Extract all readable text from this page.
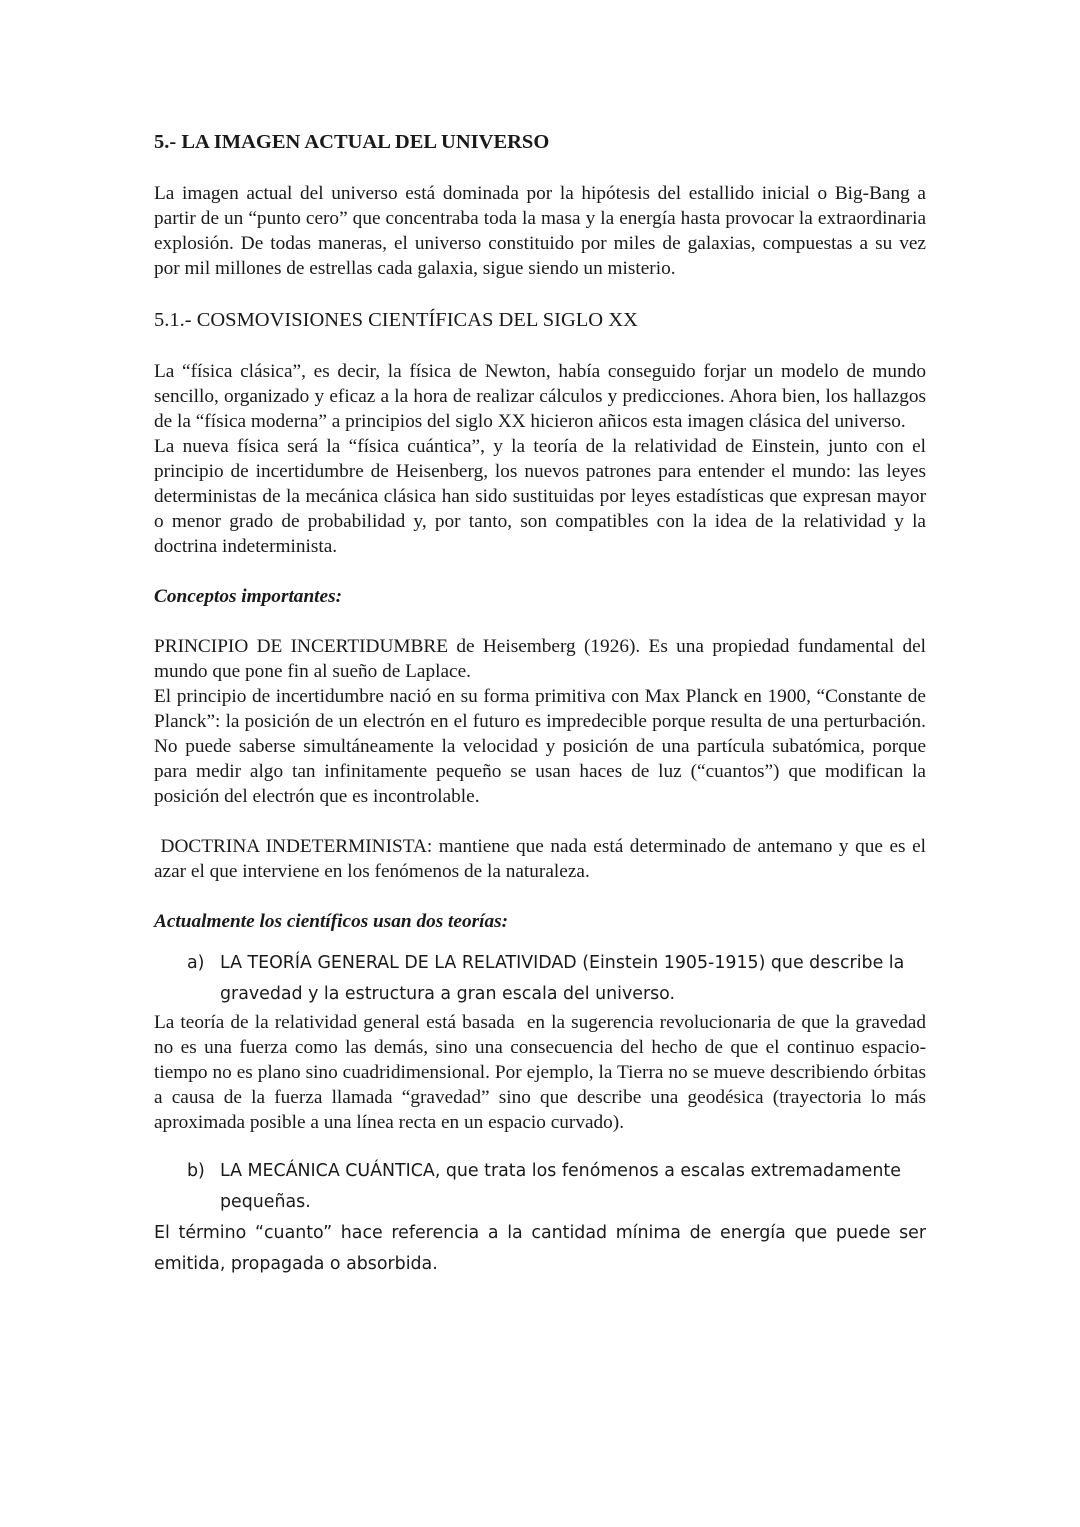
5.- LA IMAGEN ACTUAL DEL UNIVERSO

La imagen actual del universo está dominada por la hipótesis del estallido inicial o Big-Bang a partir de un “punto cero” que concentraba toda la masa y la energía hasta provocar la extraordinaria explosión. De todas maneras, el universo constituido por miles de galaxias, compuestas a su vez por mil millones de estrellas cada galaxia, sigue siendo un misterio.

5.1.- COSMOVISIONES CIENTÍFICAS DEL SIGLO XX

La “física clásica”, es decir, la física de Newton, había conseguido forjar un modelo de mundo sencillo, organizado y eficaz a la hora de realizar cálculos y predicciones. Ahora bien, los hallazgos de la “física moderna” a principios del siglo XX hicieron añicos esta imagen clásica del universo.

La nueva física será la “física cuántica”, y la teoría de la relatividad de Einstein, junto con el principio de incertidumbre de Heisenberg, los nuevos patrones para entender el mundo: las leyes deterministas de la mecánica clásica han sido sustituidas por leyes estadísticas que expresan mayor o menor grado de probabilidad y, por tanto, son compatibles con la idea de la relatividad y la doctrina indeterminista.

Conceptos importantes:

PRINCIPIO DE INCERTIDUMBRE de Heisemberg (1926). Es una propiedad fundamental del mundo que pone fin al sueño de Laplace.

El principio de incertidumbre nació en su forma primitiva con Max Planck en 1900, “Constante de Planck”: la posición de un electrón en el futuro es impredecible porque resulta de una perturbación. No puede saberse simultáneamente la velocidad y posición de una partícula subatómica, porque para medir algo tan infinitamente pequeño se usan haces de luz (“cuantos”) que modifican la posición del electrón que es incontrolable.

DOCTRINA INDETERMINISTA: mantiene que nada está determinado de antemano y que es el azar el que interviene en los fenómenos de la naturaleza.

Actualmente los científicos usan dos teorías:

a) LA TEORÍA GENERAL DE LA RELATIVIDAD (Einstein 1905-1915) que describe la gravedad y la estructura a gran escala del universo.

La teoría de la relatividad general está basada  en la sugerencia revolucionaria de que la gravedad no es una fuerza como las demás, sino una consecuencia del hecho de que el continuo espacio-tiempo no es plano sino cuadridimensional. Por ejemplo, la Tierra no se mueve describiendo órbitas a causa de la fuerza llamada “gravedad” sino que describe una geodésica (trayectoria lo más aproximada posible a una línea recta en un espacio curvado).

b) LA MECÁNICA CUÁNTICA, que trata los fenómenos a escalas extremadamente pequeñas.

El término “cuanto” hace referencia a la cantidad mínima de energía que puede ser emitida, propagada o absorbida.
